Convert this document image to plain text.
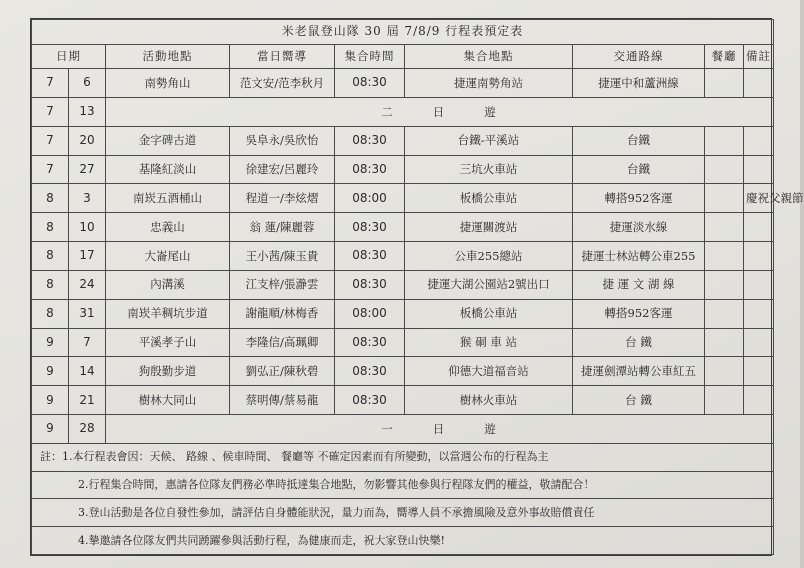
米老鼠登山隊 30 屆 7/8/9 行程表預定表								
日期		活動地點	當日嚮導	集合時間	集合地點	交通路線	餐廳	備註
7	6	南勢角山	范文安/范李秋月	08:30	捷運南勢角站	捷運中和蘆洲線		
7	13	二日遊						
7	20	金字碑古道	吳阜永/吳欣怡	08:30	台鐵-平溪站	台鐵		
7	27	基隆紅淡山	徐建宏/呂麗玲	08:30	三坑火車站	台鐵		
8	3	南崁五酒桶山	程道一/李炫熠	08:00	板橋公車站	轉搭952客運		慶祝父親節
8	10	忠義山	翁 蓮/陳麗蓉	08:30	捷運關渡站	捷運淡水線		
8	17	大崙尾山	王小茜/陳玉貴	08:30	公車255總站	捷運士林站轉公車255		
8	24	內溝溪	江支梓/張瀞雲	08:30	捷運大湖公園站2號出口	捷 運 文 湖 線		
8	31	南崁羊稠坑步道	謝龍順/林梅香	08:00	板橋公車站	轉搭952客運		
9	7	平溪孝子山	李隆信/高珮卿	08:30	猴 硐 車 站	台 鐵		
9	14	狗殷勤步道	劉弘正/陳秋碧	08:30	仰德大道福音站	捷運劍潭站轉公車紅五		
9	21	樹林大同山	蔡明傳/蔡易龍	08:30	樹林火車站	台 鐵		
9	28	一日遊						
註：1.本行程表會因：天候、 路線 、候車時間、 餐廳等 不確定因素而有所變動，以當週公布的行程為主								
2.行程集合時間，惠請各位隊友們務必準時抵達集合地點，勿影響其他參與行程隊友們的權益，敬請配合！								
3.登山活動是各位自發性參加，請評估自身體能狀況，量力而為，嚮導人員不承擔風險及意外事故賠償責任								
4.摯邀請各位隊友們共同踴躍參與活動行程，為健康而走，祝大家登山快樂!								
